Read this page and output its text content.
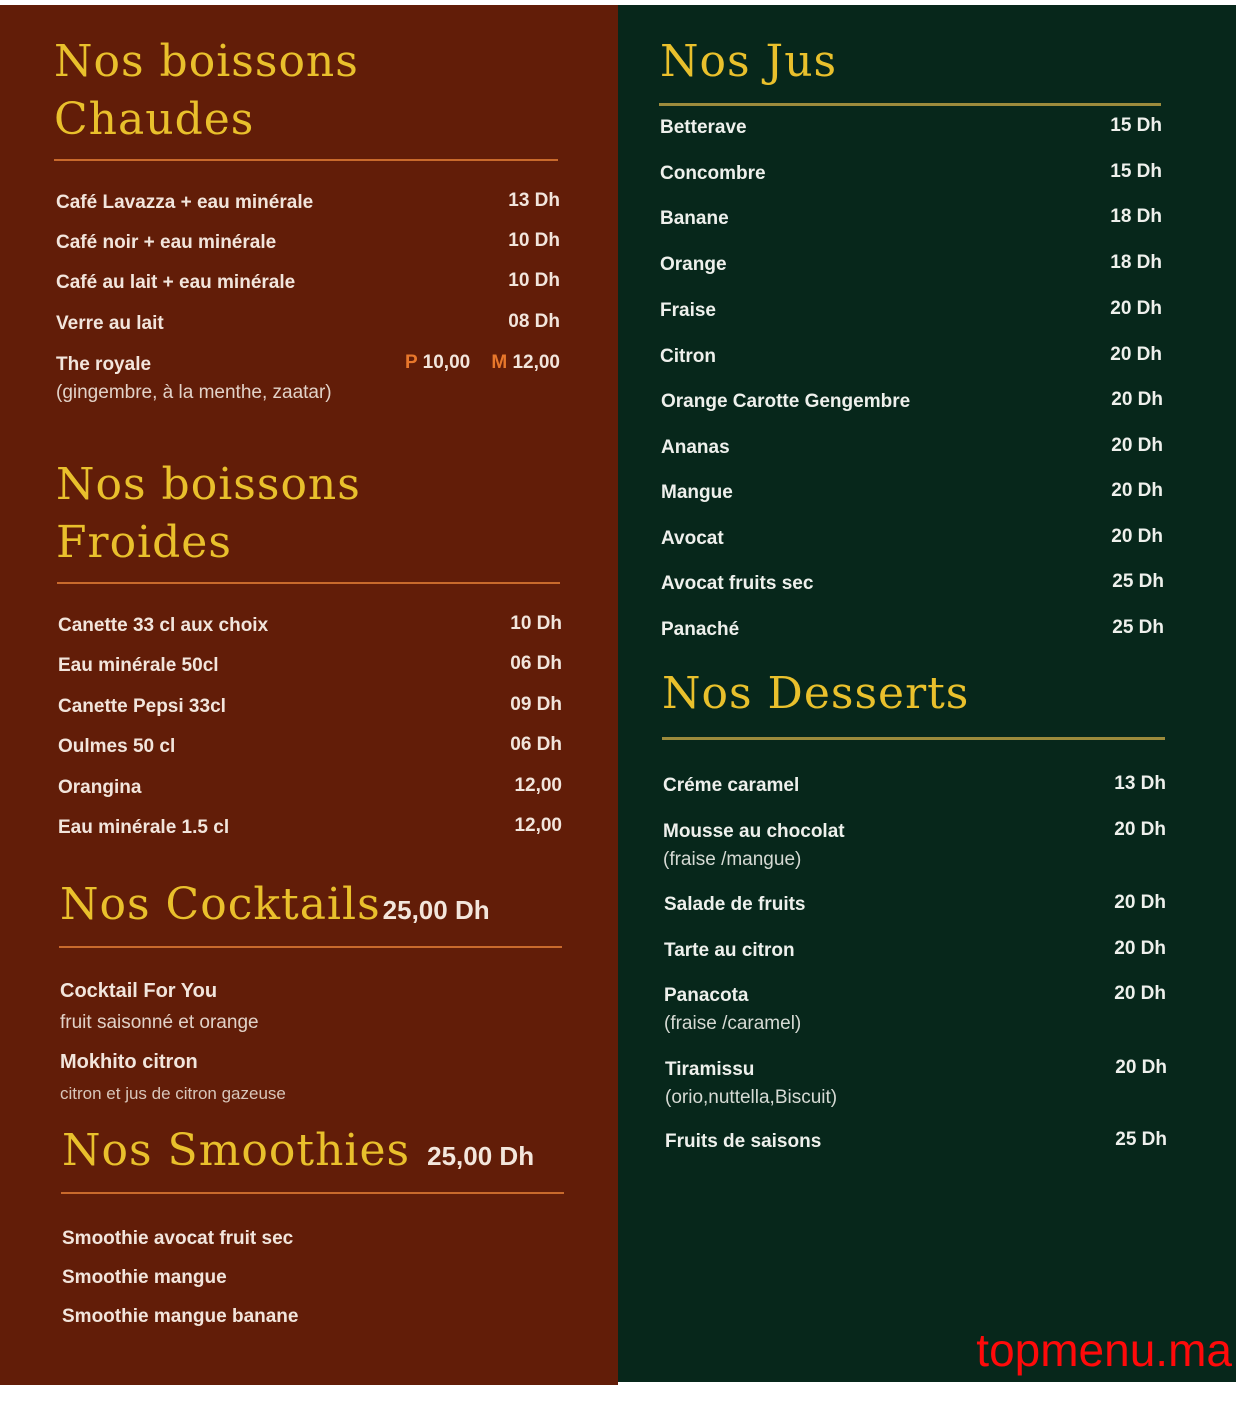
Nos boissons
Chaudes
Café Lavazza + eau minérale	13 Dh
Café noir + eau minérale	10 Dh
Café au lait + eau minérale	10 Dh
Verre au lait	08 Dh
The royale
(gingembre, à la menthe, zaatar)
P 10,00 M 12,00
Nos boissons
Froides
Canette 33 cl aux choix	10 Dh
Eau minérale 50cl	06 Dh
Canette Pepsi 33cl	09 Dh
Oulmes 50 cl	06 Dh
Orangina	12,00
Eau minérale 1.5 cl	12,00
Nos Cocktails25,00 Dh
Cocktail For You
fruit saisonné et orange
Mokhito citron
citron et jus de citron gazeuse
Nos Smoothies 25,00 Dh
Smoothie avocat fruit sec
Smoothie mangue
Smoothie mangue banane
Nos Jus
Betterave	15 Dh
Concombre	15 Dh
Banane	18 Dh
Orange	18 Dh
Fraise	20 Dh
Citron	20 Dh
Orange Carotte Gengembre	20 Dh
Ananas	20 Dh
Mangue	20 Dh
Avocat	20 Dh
Avocat fruits sec	25 Dh
Panaché	25 Dh
Nos Desserts
Créme caramel	13 Dh
Mousse au chocolat
(fraise /mangue)
20 Dh
Salade de fruits	20 Dh
Tarte au citron	20 Dh
Panacota
(fraise /caramel)
20 Dh
Tiramissu
(orio,nuttella,Biscuit)
20 Dh
Fruits de saisons	25 Dh
topmenu.ma
